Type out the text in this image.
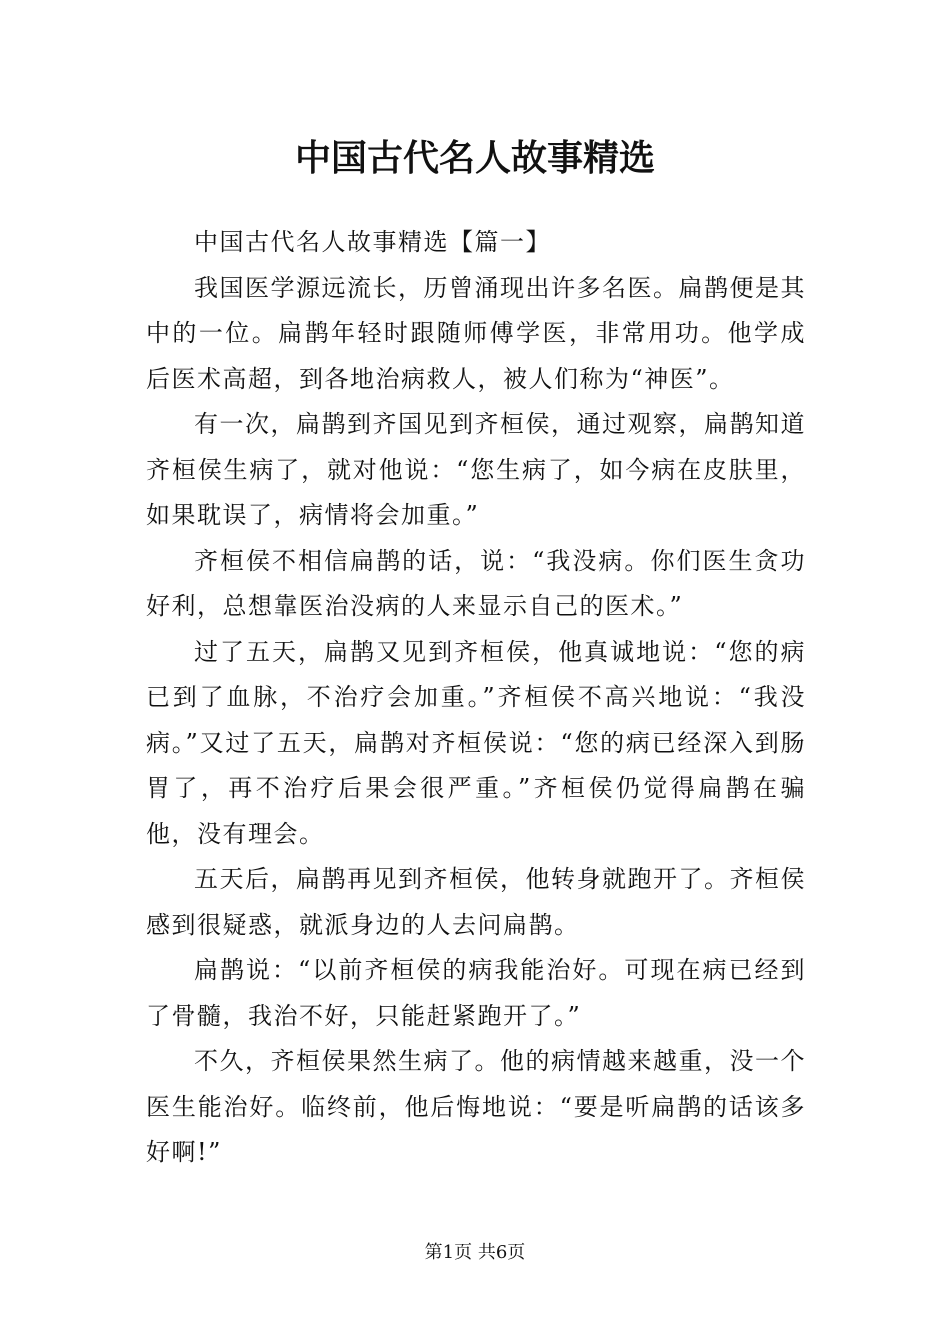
中国古代名人故事精选

中国古代名人故事精选【篇一】

我国医学源远流长，历曾涌现出许多名医。扁鹊便是其中的一位。扁鹊年轻时跟随师傅学医，非常用功。他学成后医术高超，到各地治病救人，被人们称为“神医”。

有一次，扁鹊到齐国见到齐桓侯，通过观察，扁鹊知道齐桓侯生病了，就对他说：“您生病了，如今病在皮肤里，如果耽误了，病情将会加重。”

齐桓侯不相信扁鹊的话，说：“我没病。你们医生贪功好利，总想靠医治没病的人来显示自己的医术。”

过了五天，扁鹊又见到齐桓侯，他真诚地说：“您的病已到了血脉，不治疗会加重。”齐桓侯不高兴地说：“我没病。”又过了五天，扁鹊对齐桓侯说：“您的病已经深入到肠胃了，再不治疗后果会很严重。”齐桓侯仍觉得扁鹊在骗他，没有理会。

五天后，扁鹊再见到齐桓侯，他转身就跑开了。齐桓侯感到很疑惑，就派身边的人去问扁鹊。

扁鹊说：“以前齐桓侯的病我能治好。可现在病已经到了骨髓，我治不好，只能赶紧跑开了。”

不久，齐桓侯果然生病了。他的病情越来越重，没一个医生能治好。临终前，他后悔地说：“要是听扁鹊的话该多好啊!”

第1页 共6页
